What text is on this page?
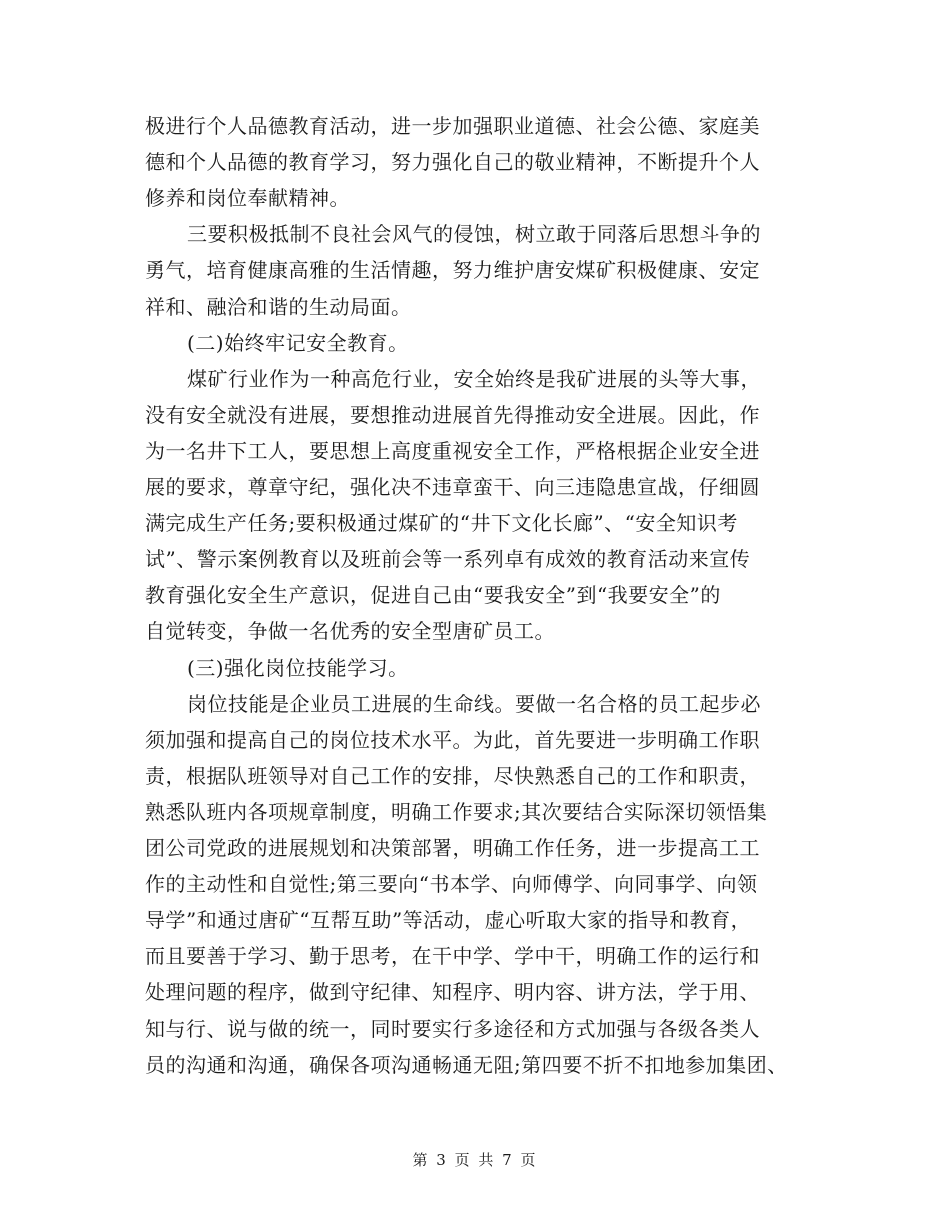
极进行个人品德教育活动，进一步加强职业道德、社会公德、家庭美
德和个人品德的教育学习，努力强化自己的敬业精神，不断提升个人
修养和岗位奉献精神。
三要积极抵制不良社会风气的侵蚀，树立敢于同落后思想斗争的
勇气，培育健康高雅的生活情趣，努力维护唐安煤矿积极健康、安定
祥和、融洽和谐的生动局面。
(二)始终牢记安全教育。
煤矿行业作为一种高危行业，安全始终是我矿进展的头等大事，
没有安全就没有进展，要想推动进展首先得推动安全进展。因此，作
为一名井下工人，要思想上高度重视安全工作，严格根据企业安全进
展的要求，尊章守纪，强化决不违章蛮干、向三违隐患宣战，仔细圆
满完成生产任务;要积极通过煤矿的“井下文化长廊”、“安全知识考
试”、警示案例教育以及班前会等一系列卓有成效的教育活动来宣传
教育强化安全生产意识，促进自己由“要我安全”到“我要安全”的
自觉转变，争做一名优秀的安全型唐矿员工。
(三)强化岗位技能学习。
岗位技能是企业员工进展的生命线。要做一名合格的员工起步必
须加强和提高自己的岗位技术水平。为此，首先要进一步明确工作职
责，根据队班领导对自己工作的安排，尽快熟悉自己的工作和职责，
熟悉队班内各项规章制度，明确工作要求;其次要结合实际深切领悟集
团公司党政的进展规划和决策部署，明确工作任务，进一步提高工工
作的主动性和自觉性;第三要向“书本学、向师傅学、向同事学、向领
导学”和通过唐矿“互帮互助”等活动，虚心听取大家的指导和教育，
而且要善于学习、勤于思考，在干中学、学中干，明确工作的运行和
处理问题的程序，做到守纪律、知程序、明内容、讲方法，学于用、
知与行、说与做的统一，同时要实行多途径和方式加强与各级各类人
员的沟通和沟通，确保各项沟通畅通无阻;第四要不折不扣地参加集团、
第 3 页 共 7 页
